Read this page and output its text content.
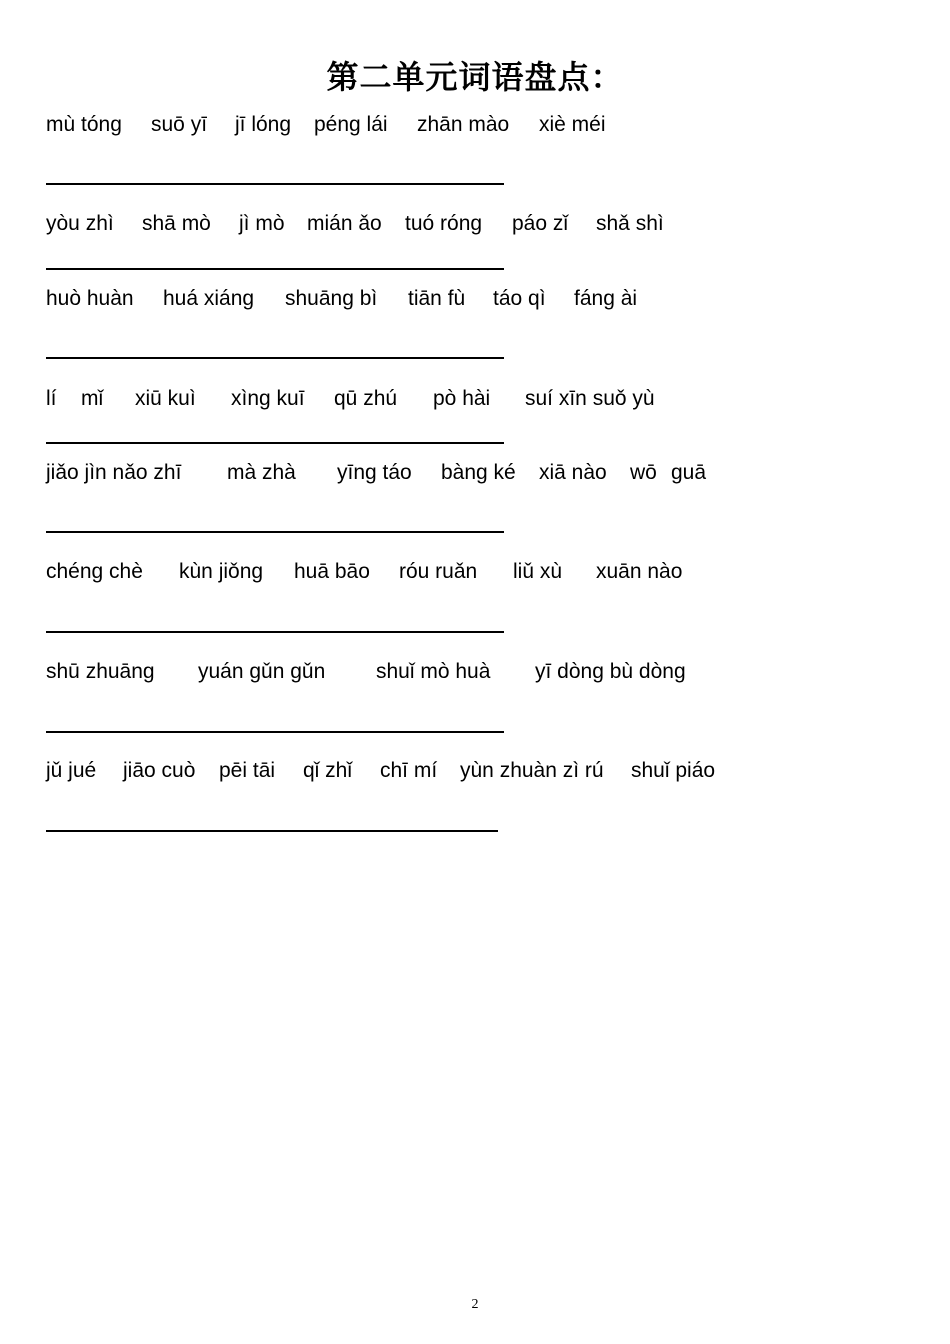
第二单元词语盘点：
mù tóng suō yī jī lóng péng lái zhān mào xiè méi
yòu zhì shā mò jì mò mián ǎo tuó róng páo zǐ shǎ shì
huò huàn huá xiáng shuāng bì tiān fù táo qì fáng ài
lí mǐ xiū kuì xìng kuī qū zhú pò hài suí xīn suǒ yù
jiǎo jìn nǎo zhī mà zhà yīng táo bàng ké xiā nào wō guā
chéng chè kùn jiǒng huā bāo róu ruǎn liǔ xù xuān nào
shū zhuāng yuán gǔn gǔn shuǐ mò huà yī dòng bù dòng
jǔ jué jiāo cuò pēi tāi qǐ zhǐ chī mí yùn zhuàn zì rú shuǐ piáo
2
